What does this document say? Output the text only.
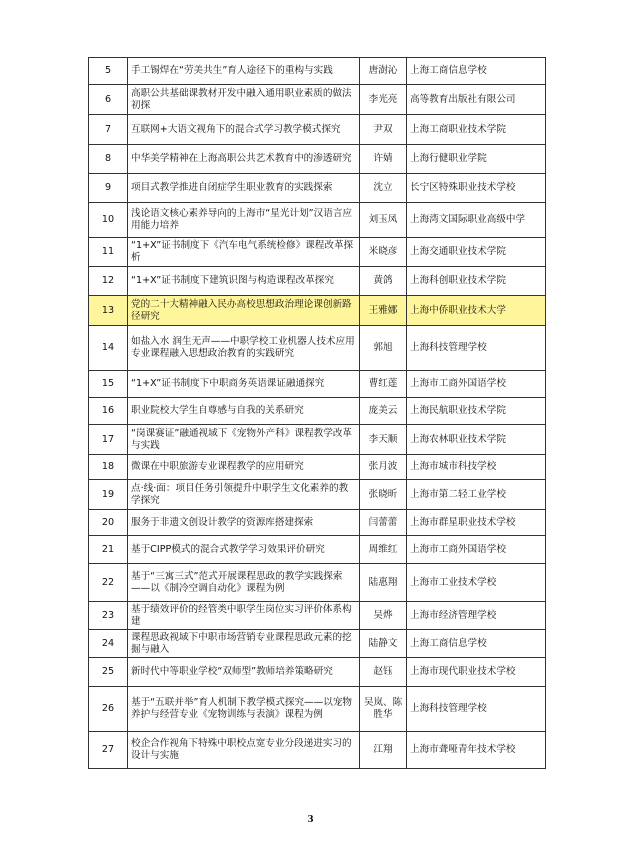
5	手工锡焊在“劳美共生”育人途径下的重构与实践	唐澍沁	上海工商信息学校
6	高职公共基础课教材开发中融入通用职业素质的做法初探	李光亮	高等教育出版社有限公司
7	互联网+大语文视角下的混合式学习教学模式探究	尹双	上海工商职业技术学院
8	中华美学精神在上海高职公共艺术教育中的渗透研究	许婧	上海行健职业学院
9	项目式教学推进自闭症学生职业教育的实践探索	沈立	长宁区特殊职业技术学校
10	浅论语文核心素养导向的上海市“星光计划”汉语言应用能力培养	刘玉凤	上海湾文国际职业高级中学
11	“1+X”证书制度下《汽车电气系统检修》课程改革探析	米晓彦	上海交通职业技术学院
12	“1+X”证书制度下建筑识图与构造课程改革探究	黄鸽	上海科创职业技术学院
13	党的二十大精神融入民办高校思想政治理论课创新路径研究	王雅娜	上海中侨职业技术大学
14	如盐入水 润生无声——中职学校工业机器人技术应用专业课程融入思想政治教育的实践研究	郭旭	上海科技管理学校
15	“1+X”证书制度下中职商务英语课证融通探究	曹红莲	上海市工商外国语学校
16	职业院校大学生自尊感与自我的关系研究	庞美云	上海民航职业技术学院
17	“岗课赛证”融通视域下《宠物外产科》课程教学改革与实践	李天顺	上海农林职业技术学院
18	微课在中职旅游专业课程教学的应用研究	张月波	上海市城市科技学校
19	点·线·面：项目任务引领提升中职学生文化素养的教学探究	张晓昕	上海市第二轻工业学校
20	服务于非遗文创设计教学的资源库搭建探索	闫蕾蕾	上海市群星职业技术学校
21	基于CIPP模式的混合式教学学习效果评价研究	周维红	上海市工商外国语学校
22	基于“三寓三式”范式开展课程思政的教学实践探索——以《制冷空调自动化》课程为例	陆惠翔	上海市工业技术学校
23	基于绩效评价的经管类中职学生岗位实习评价体系构建	吴烨	上海市经济管理学校
24	课程思政视域下中职市场营销专业课程思政元素的挖掘与融入	陆静文	上海工商信息学校
25	新时代中等职业学校“双师型”教师培养策略研究	赵钰	上海市现代职业技术学校
26	基于“五联并举”育人机制下教学模式探究——以宠物养护与经营专业《宠物训练与表演》课程为例	吴岚、陈胜华	上海科技管理学校
27	校企合作视角下特殊中职校点宽专业分段递进实习的设计与实施	江翔	上海市聋哑青年技术学校
3
